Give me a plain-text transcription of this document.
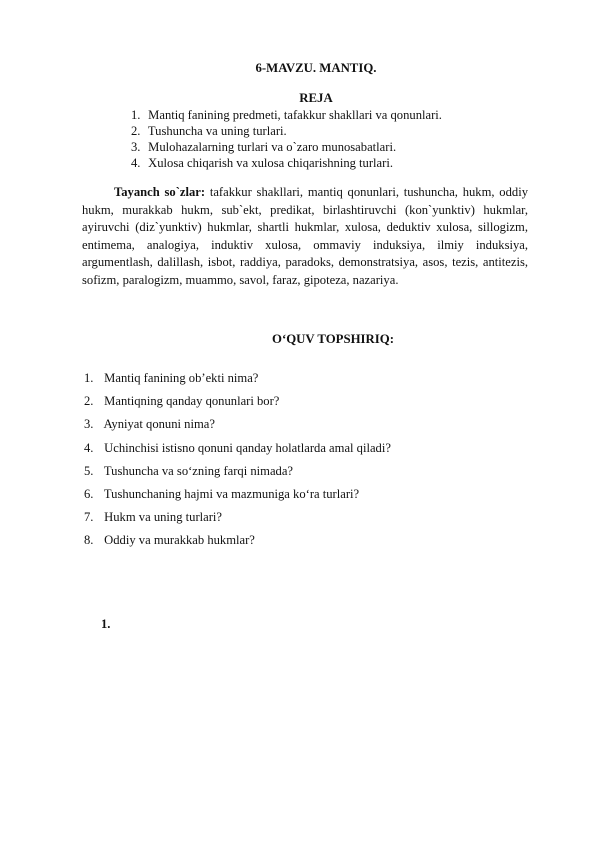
6-MAVZU. MANTIQ.
REJA
1. Mantiq fanining predmeti, tafakkur shakllari va qonunlari.
2. Tushuncha va uning turlari.
3. Mulohazalarning turlari va o`zaro munosabatlari.
4. Xulosa chiqarish va xulosa chiqarishning turlari.

Tayanch so`zlar: tafakkur shakllari, mantiq qonunlari, tushuncha, hukm, oddiy hukm, murakkab hukm, sub`ekt, predikat, birlashtiruvchi (kon`yunktiv) hukmlar, ayiruvchi (diz`yunktiv) hukmlar, shartli hukmlar, xulosa, deduktiv xulosa, sillogizm, entimema, analogiya, induktiv xulosa, ommaviy induksiya, ilmiy induksiya, argumentlash, dalillash, isbot, raddiya, paradoks, demonstratsiya, asos, tezis, antitezis, sofizm, paralogizm, muammo, savol, faraz, gipoteza, nazariya.

O‘QUV TOPSHIRIQ:
1. Mantiq fanining ob’ekti nima?
2. Mantiqning qanday qonunlari bor?
3. Ayniyat qonuni nima?
4. Uchinchisi istisno qonuni qanday holatlarda amal qiladi?
5. Tushuncha va so‘zning farqi nimada?
6. Tushunchaning hajmi va mazmuniga ko‘ra turlari?
7. Hukm va uning turlari?
8. Oddiy va murakkab hukmlar?
1.
